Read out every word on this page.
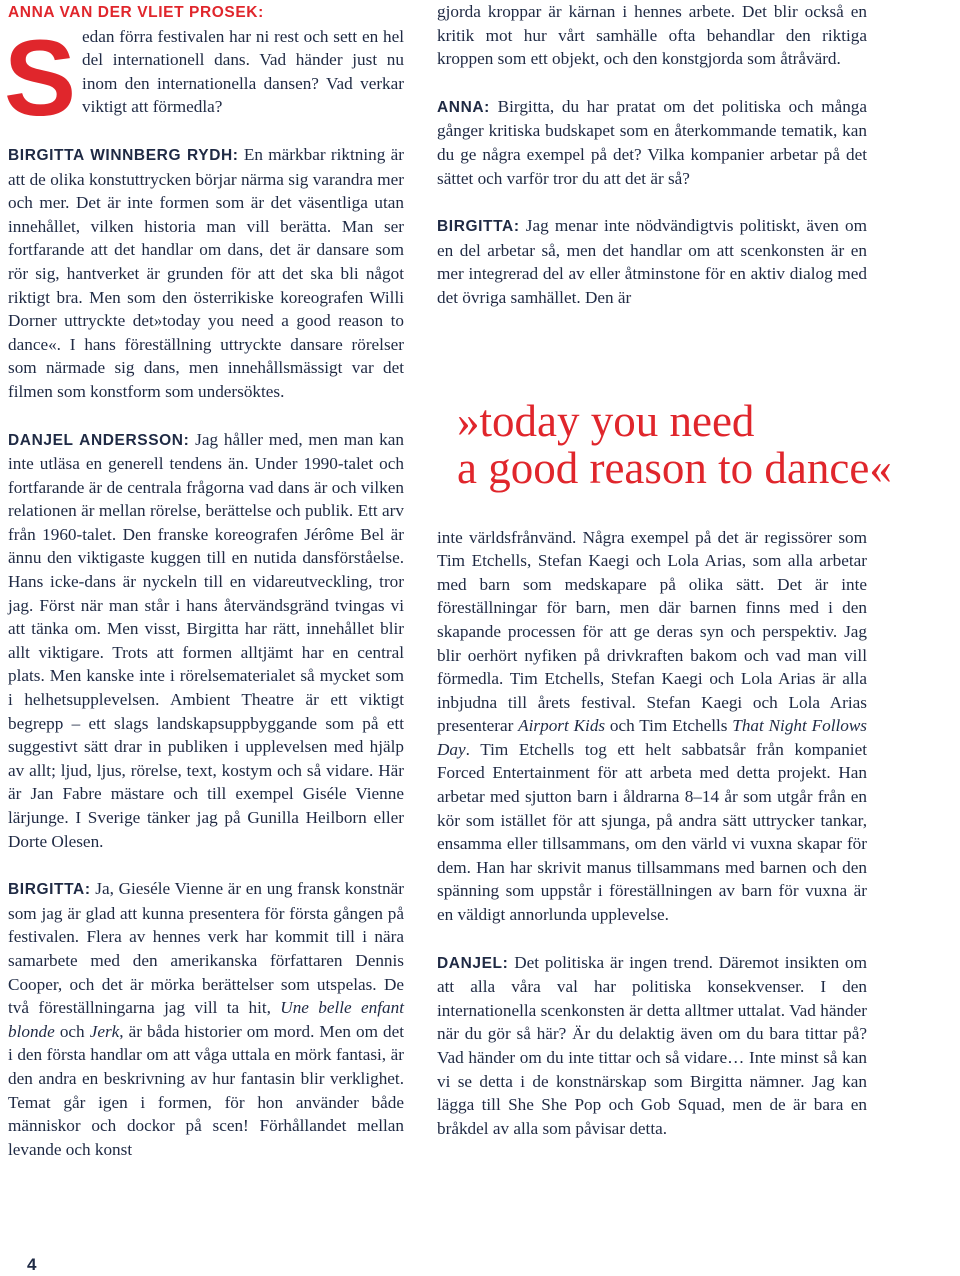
ANNA VAN DER VLIET PROSEK:

S edan förra festivalen har ni rest och sett en hel del internationell dans. Vad händer just nu inom den internationella dansen? Vad verkar viktigt att förmedla?

BIRGITTA WINNBERG RYDH: En märkbar riktning är att de olika konstuttrycken börjar närma sig varandra mer och mer. Det är inte formen som är det väsentliga utan innehållet, vilken historia man vill berätta. Man ser fortfarande att det handlar om dans, det är dansare som rör sig, hantverket är grunden för att det ska bli något riktigt bra. Men som den österrikiske koreografen Willi Dorner uttryckte det»today you need a good reason to dance«. I hans föreställning uttryckte dansare rörelser som närmade sig dans, men innehållsmässigt var det filmen som konstform som undersöktes.

DANJEL ANDERSSON: Jag håller med, men man kan inte utläsa en generell tendens än. Under 1990-talet och fortfarande är de centrala frågorna vad dans är och vilken relationen är mellan rörelse, berättelse och publik. Ett arv från 1960-talet. Den franske koreografen Jérôme Bel är ännu den viktigaste kuggen till en nutida dansförståelse. Hans icke-dans är nyckeln till en vidareutveckling, tror jag. Först när man står i hans återvändsgränd tvingas vi att tänka om. Men visst, Birgitta har rätt, innehållet blir allt viktigare. Trots att formen alltjämt har en central plats. Men kanske inte i rörelsematerialet så mycket som i helhetsupplevelsen. Ambient Theatre är ett viktigt begrepp – ett slags landskapsuppbyggande som på ett suggestivt sätt drar in publiken i upplevelsen med hjälp av allt; ljud, ljus, rörelse, text, kostym och så vidare. Här är Jan Fabre mästare och till exempel Giséle Vienne lärjunge. I Sverige tänker jag på Gunilla Heilborn eller Dorte Olesen.

BIRGITTA: Ja, Gieséle Vienne är en ung fransk konstnär som jag är glad att kunna presentera för första gången på festivalen. Flera av hennes verk har kommit till i nära samarbete med den amerikanska författaren Dennis Cooper, och det är mörka berättelser som utspelas. De två föreställningarna jag vill ta hit, Une belle enfant blonde och Jerk, är båda historier om mord. Men om det i den första handlar om att våga uttala en mörk fantasi, är den andra en beskrivning av hur fantasin blir verklighet. Temat går igen i formen, för hon använder både människor och dockor på scen! Förhållandet mellan levande och konst

gjorda kroppar är kärnan i hennes arbete. Det blir också en kritik mot hur vårt samhälle ofta behandlar den riktiga kroppen som ett objekt, och den konstgjorda som åtråvärd.

ANNA: Birgitta, du har pratat om det politiska och många gånger kritiska budskapet som en återkommande tematik, kan du ge några exempel på det? Vilka kompanier arbetar på det sättet och varför tror du att det är så?

BIRGITTA: Jag menar inte nödvändigtvis politiskt, även om en del arbetar så, men det handlar om att scenkonsten är en mer integrerad del av eller åtminstone för en aktiv dialog med det övriga samhället. Den är

inte världsfrånvänd. Några exempel på det är regissörer som Tim Etchells, Stefan Kaegi och Lola Arias, som alla arbetar med barn som medskapare på olika sätt. Det är inte föreställningar för barn, men där barnen finns med i den skapande processen för att ge deras syn och perspektiv. Jag blir oerhört nyfiken på drivkraften bakom och vad man vill förmedla. Tim Etchells, Stefan Kaegi och Lola Arias är alla inbjudna till årets festival. Stefan Kaegi och Lola Arias presenterar Airport Kids och Tim Etchells That Night Follows Day. Tim Etchells tog ett helt sabbatsår från kompaniet Forced Entertainment för att arbeta med detta projekt. Han arbetar med sjutton barn i åldrarna 8–14 år som utgår från en kör som istället för att sjunga, på andra sätt uttrycker tankar, ensamma eller tillsammans, om den värld vi vuxna skapar för dem. Han har skrivit manus tillsammans med barnen och den spänning som uppstår i föreställningen av barn för vuxna är en väldigt annorlunda upplevelse.

DANJEL: Det politiska är ingen trend. Däremot insikten om att alla våra val har politiska konsekvenser. I den internationella scenkonsten är detta alltmer uttalat. Vad händer när du gör så här? Är du delaktig även om du bara tittar på? Vad händer om du inte tittar och så vidare… Inte minst så kan vi se detta i de konstnärskap som Birgitta nämner. Jag kan lägga till She She Pop och Gob Squad, men de är bara en bråkdel av alla som påvisar detta.

»today you need
a good reason to dance«
4
